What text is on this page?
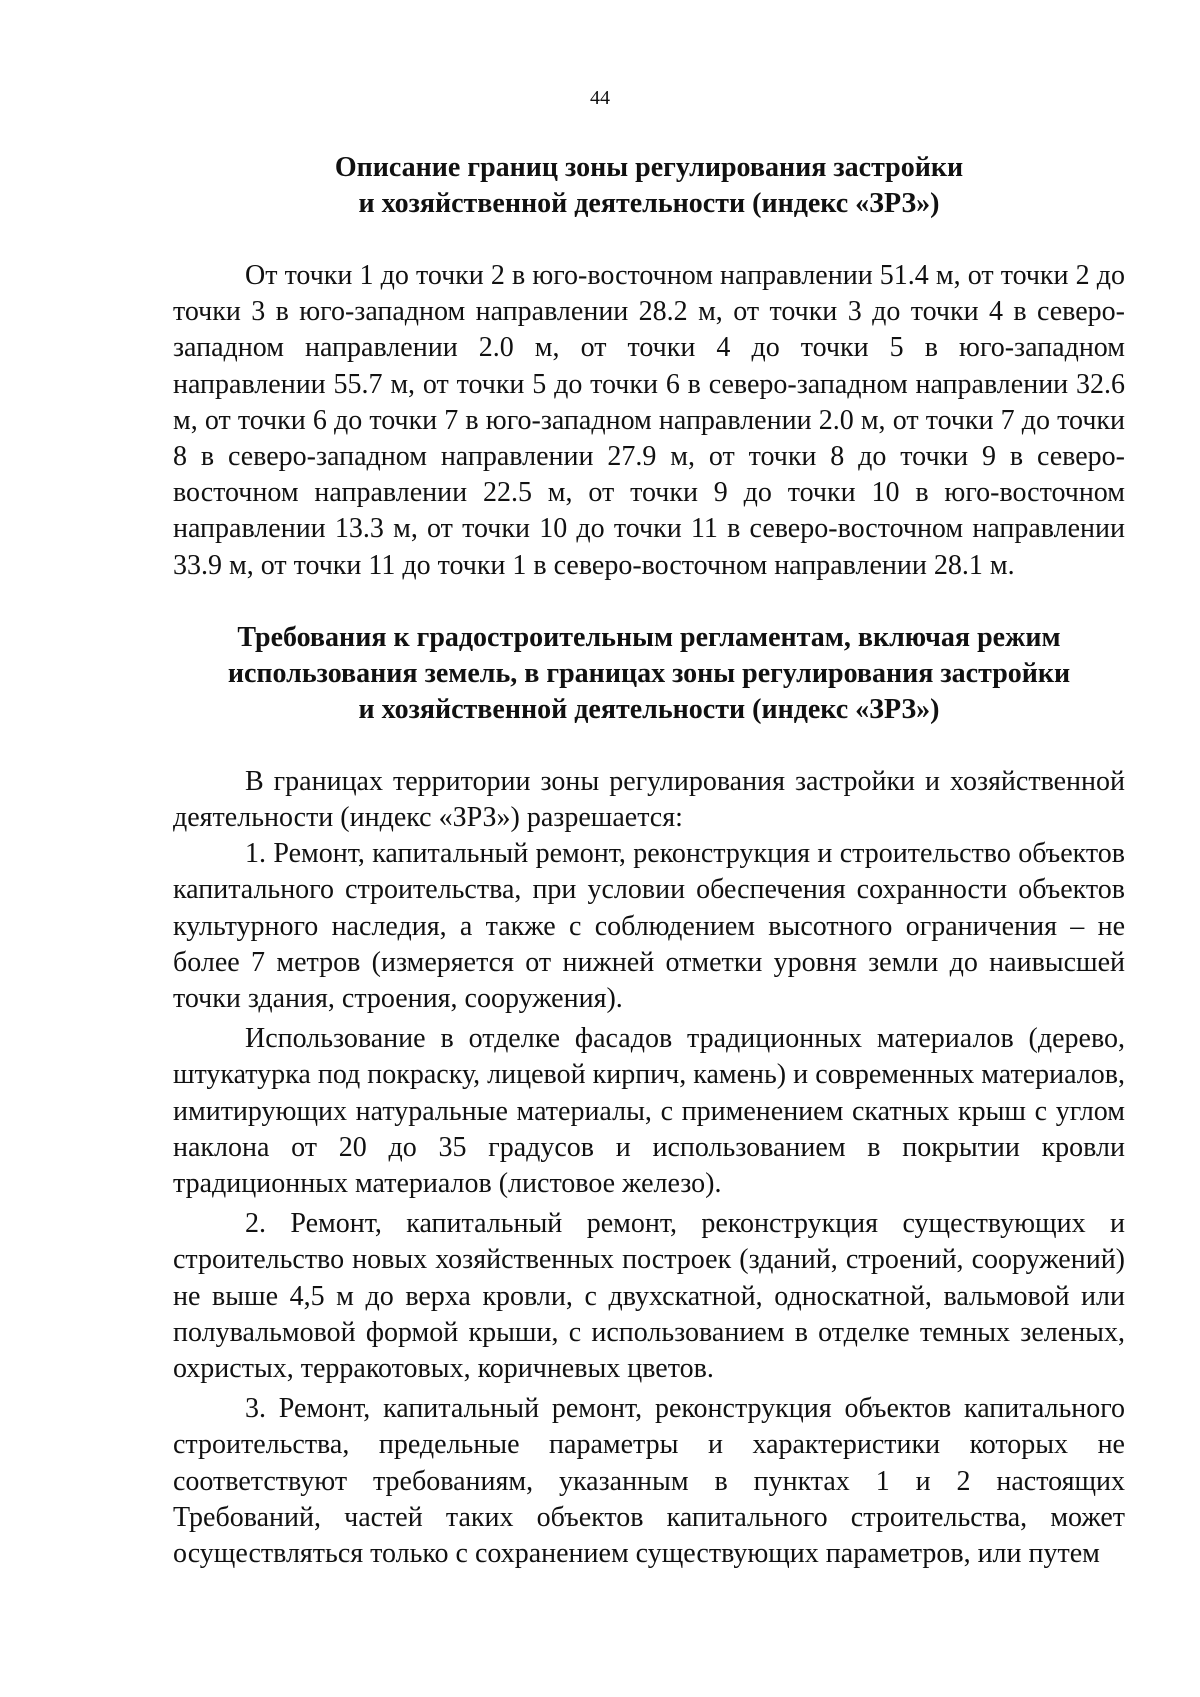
44
Описание границ зоны регулирования застройки
и хозяйственной деятельности (индекс «ЗРЗ»)

От точки 1 до точки 2 в юго-восточном направлении 51.4 м, от точки 2 до точки 3 в юго-западном направлении 28.2 м, от точки 3 до точки 4 в северо-западном направлении 2.0 м, от точки 4 до точки 5 в юго-западном направлении 55.7 м, от точки 5 до точки 6 в северо-западном направлении 32.6 м, от точки 6 до точки 7 в юго-западном направлении 2.0 м, от точки 7 до точки 8 в северо-западном направлении 27.9 м, от точки 8 до точки 9 в северо-восточном направлении 22.5 м, от точки 9 до точки 10 в юго-восточном направлении 13.3 м, от точки 10 до точки 11 в северо-восточном направлении 33.9 м, от точки 11 до точки 1 в северо-восточном направлении 28.1 м.

Требования к градостроительным регламентам, включая режим
использования земель, в границах зоны регулирования застройки
и хозяйственной деятельности (индекс «ЗРЗ»)

В границах территории зоны регулирования застройки и хозяйственной деятельности (индекс «ЗРЗ») разрешается:

1. Ремонт, капитальный ремонт, реконструкция и строительство объектов капитального строительства, при условии обеспечения сохранности объектов культурного наследия, а также с соблюдением высотного ограничения – не более 7 метров (измеряется от нижней отметки уровня земли до наивысшей точки здания, строения, сооружения).

Использование в отделке фасадов традиционных материалов (дерево, штукатурка под покраску, лицевой кирпич, камень) и современных материалов, имитирующих натуральные материалы, с применением скатных крыш с углом наклона от 20 до 35 градусов и использованием в покрытии кровли традиционных материалов (листовое железо).

2. Ремонт, капитальный ремонт, реконструкция существующих и строительство новых хозяйственных построек (зданий, строений, сооружений) не выше 4,5 м до верха кровли, с двухскатной, односкатной, вальмовой или полувальмовой формой крыши, с использованием в отделке темных зеленых, охристых, терракотовых, коричневых цветов.

3. Ремонт, капитальный ремонт, реконструкция объектов капитального строительства, предельные параметры и характеристики которых не соответствуют требованиям, указанным в пунктах 1 и 2 настоящих Требований, частей таких объектов капитального строительства, может осуществляться только с сохранением существующих параметров, или путем
